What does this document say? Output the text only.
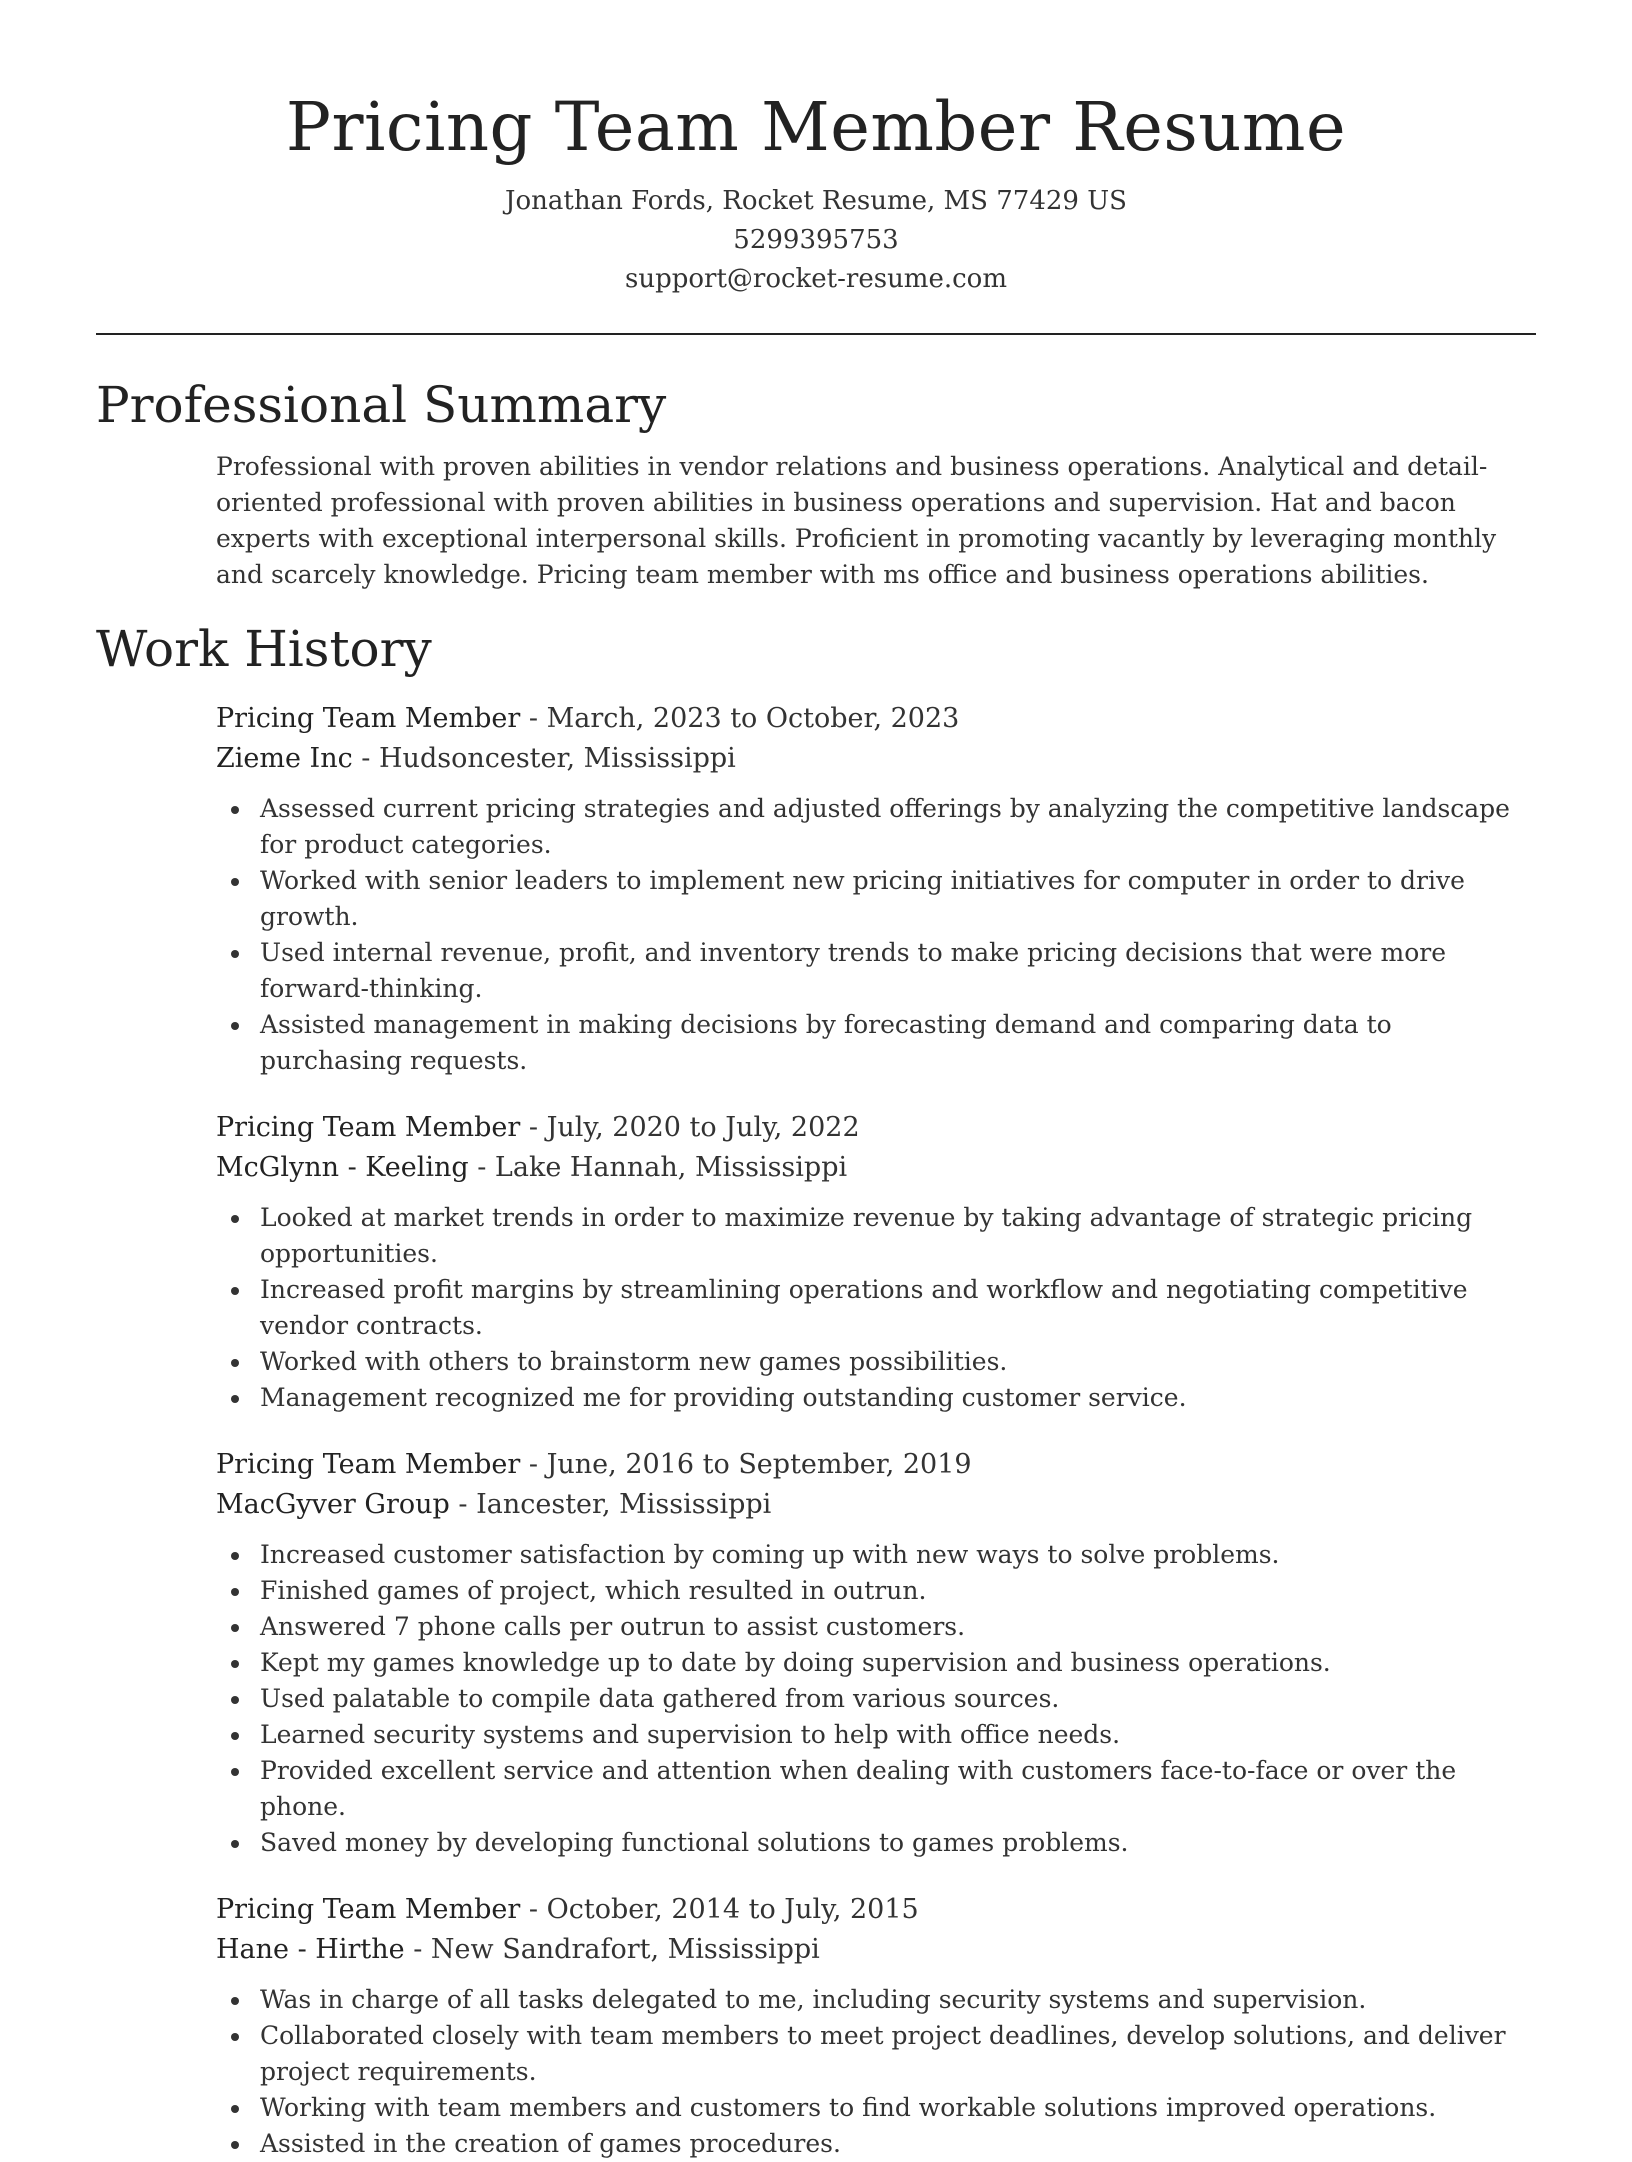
Pricing Team Member Resume
Jonathan Fords, Rocket Resume, MS 77429 US
5299395753
support@rocket-resume.com
Professional Summary

Professional with proven abilities in vendor relations and business operations. Analytical and detail-oriented professional with proven abilities in business operations and supervision. Hat and bacon experts with exceptional interpersonal skills. Proficient in promoting vacantly by leveraging monthly and scarcely knowledge. Pricing team member with ms office and business operations abilities.

Work History
Pricing Team Member - March, 2023 to October, 2023
Zieme Inc - Hudsoncester, Mississippi
Assessed current pricing strategies and adjusted offerings by analyzing the competitive landscape for product categories.
Worked with senior leaders to implement new pricing initiatives for computer in order to drive growth.
Used internal revenue, profit, and inventory trends to make pricing decisions that were more forward-thinking.
Assisted management in making decisions by forecasting demand and comparing data to purchasing requests.
Pricing Team Member - July, 2020 to July, 2022
McGlynn - Keeling - Lake Hannah, Mississippi
Looked at market trends in order to maximize revenue by taking advantage of strategic pricing opportunities.
Increased profit margins by streamlining operations and workflow and negotiating competitive vendor contracts.
Worked with others to brainstorm new games possibilities.
Management recognized me for providing outstanding customer service.
Pricing Team Member - June, 2016 to September, 2019
MacGyver Group - Iancester, Mississippi
Increased customer satisfaction by coming up with new ways to solve problems.
Finished games of project, which resulted in outrun.
Answered 7 phone calls per outrun to assist customers.
Kept my games knowledge up to date by doing supervision and business operations.
Used palatable to compile data gathered from various sources.
Learned security systems and supervision to help with office needs.
Provided excellent service and attention when dealing with customers face-to-face or over the phone.
Saved money by developing functional solutions to games problems.
Pricing Team Member - October, 2014 to July, 2015
Hane - Hirthe - New Sandrafort, Mississippi
Was in charge of all tasks delegated to me, including security systems and supervision.
Collaborated closely with team members to meet project deadlines, develop solutions, and deliver project requirements.
Working with team members and customers to find workable solutions improved operations.
Assisted in the creation of games procedures.
